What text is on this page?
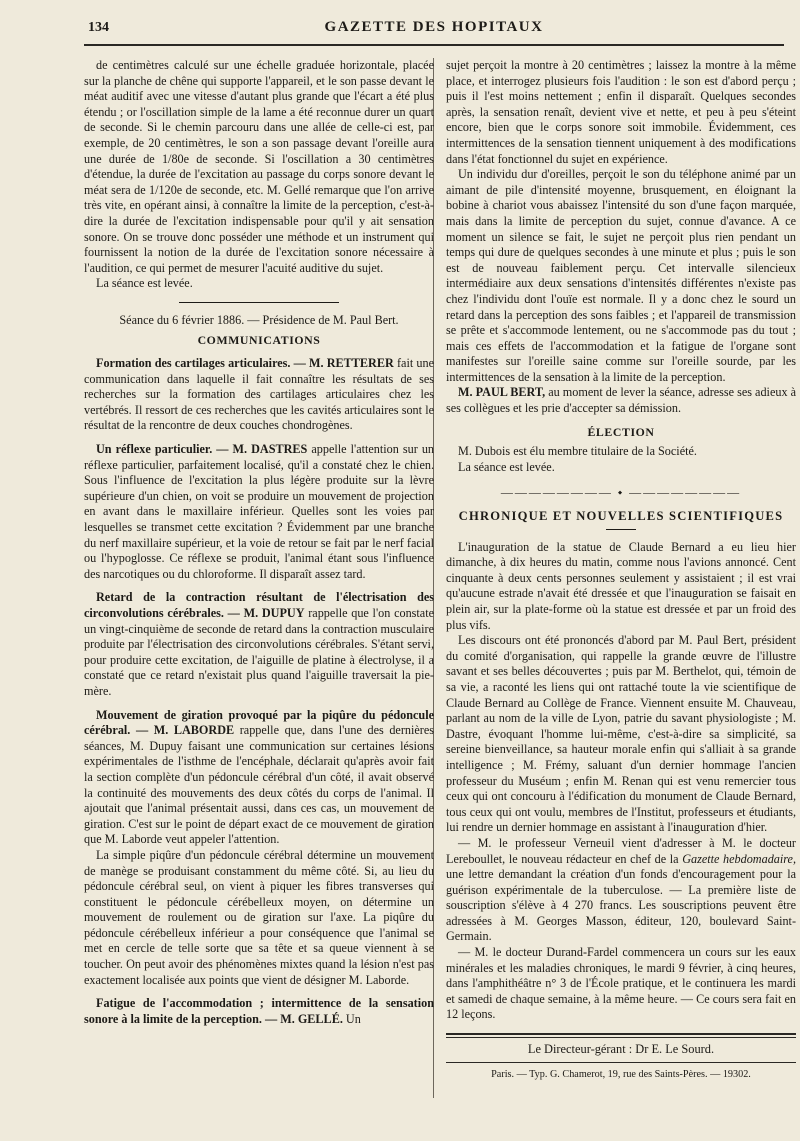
134	GAZETTE DES HOPITAUX

de centimètres calculé sur une échelle graduée horizontale, placée sur la planche de chêne qui supporte l'appareil, et le son passe devant le méat auditif avec une vitesse d'autant plus grande que l'écart a été plus étendu ; or l'oscillation simple de la lame a été reconnue durer un quart de seconde. Si le chemin parcouru dans une allée de celle-ci est, par exemple, de 20 centimètres, le son a son passage devant l'oreille aura une durée de 1/80e de seconde. Si l'oscillation a 30 centimètres d'étendue, la durée de l'excitation au passage du corps sonore devant le méat sera de 1/120e de seconde, etc. M. Gellé remarque que l'on arrive très vite, en opérant ainsi, à connaître la limite de la perception, c'est-à-dire la durée de l'excitation indispensable pour qu'il y ait sensation sonore. On se trouve donc posséder une méthode et un instrument qui fournissent la notion de la durée de l'excitation sonore nécessaire à l'audition, ce qui permet de mesurer l'acuité auditive du sujet.

La séance est levée.

Séance du 6 février 1886. — Présidence de M. Paul Bert.

COMMUNICATIONS

Formation des cartilages articulaires. — M. RETTERER fait une communication dans laquelle il fait connaître les résultats de ses recherches sur la formation des cartilages articulaires chez les vertébrés. Il ressort de ces recherches que les cavités articulaires sont le résultat de la rencontre de deux couches chondrogènes.

Un réflexe particulier. — M. DASTRES appelle l'attention sur un réflexe particulier, parfaitement localisé, qu'il a constaté chez le chien. Sous l'influence de l'excitation la plus légère produite sur la lèvre supérieure d'un chien, on voit se produire un mouvement de projection en avant dans le maxillaire inférieur. Quelles sont les voies par lesquelles se transmet cette excitation ? Évidemment par une branche du nerf maxillaire supérieur, et la voie de retour se fait par le nerf facial ou l'hypoglosse. Ce réflexe se produit, l'animal étant sous l'influence des narcotiques ou du chloroforme. Il disparaît assez tard.

Retard de la contraction résultant de l'électrisation des circonvolutions cérébrales. — M. DUPUY rappelle que l'on constate un vingt-cinquième de seconde de retard dans la contraction musculaire produite par l'électrisation des circonvolutions cérébrales. S'étant servi, pour produire cette excitation, de l'aiguille de platine à électrolyse, il a constaté que ce retard n'existait plus quand l'aiguille traversait la pie-mère.

Mouvement de giration provoqué par la piqûre du pédoncule cérébral. — M. LABORDE rappelle que, dans l'une des dernières séances, M. Dupuy faisant une communication sur certaines lésions expérimentales de l'isthme de l'encéphale, déclarait qu'après avoir fait la section complète d'un pédoncule cérébral d'un côté, il avait observé la continuité des mouvements des deux côtés du corps de l'animal. Il ajoutait que l'animal présentait aussi, dans ces cas, un mouvement de giration. C'est sur le point de départ exact de ce mouvement de giration que M. Laborde veut appeler l'attention.

La simple piqûre d'un pédoncule cérébral détermine un mouvement de manège se produisant constamment du même côté. Si, au lieu du pédoncule cérébral seul, on vient à piquer les fibres transverses qui constituent le pédoncule cérébelleux moyen, on détermine un mouvement de roulement ou de giration sur l'axe. La piqûre du pédoncule cérébelleux inférieur a pour conséquence que l'animal se met en cercle de telle sorte que sa tête et sa queue viennent à se toucher. On peut avoir des phénomènes mixtes quand la lésion n'est pas exactement localisée aux points que vient de désigner M. Laborde.

Fatigue de l'accommodation ; intermittence de la sensation sonore à la limite de la perception. — M. GELLÉ. Un

sujet perçoit la montre à 20 centimètres ; laissez la montre à la même place, et interrogez plusieurs fois l'audition : le son est d'abord perçu ; puis il l'est moins nettement ; enfin il disparaît. Quelques secondes après, la sensation renaît, devient vive et nette, et peu à peu s'éteint encore, bien que le corps sonore soit immobile. Évidemment, ces intermittences de la sensation tiennent uniquement à des modifications dans l'état fonctionnel du sujet en expérience.

Un individu dur d'oreilles, perçoit le son du téléphone animé par un aimant de pile d'intensité moyenne, brusquement, en éloignant la bobine à chariot vous abaissez l'intensité du son d'une façon marquée, mais dans la limite de perception du sujet, connue d'avance. A ce moment un silence se fait, le sujet ne perçoit plus rien pendant un temps qui dure de quelques secondes à une minute et plus ; puis le son est de nouveau faiblement perçu. Cet intervalle silencieux intermédiaire aux deux sensations d'intensités différentes n'existe pas chez l'individu dont l'ouïe est normale. Il y a donc chez le sourd un retard dans la perception des sons faibles ; et l'appareil de transmission se prête et s'accommode lentement, ou ne s'accommode pas du tout ; mais ces effets de l'accommodation et la fatigue de l'organe sont manifestes sur l'oreille saine comme sur l'oreille sourde, par les intermittences de la sensation à la limite de la perception.

M. PAUL BERT, au moment de lever la séance, adresse ses adieux à ses collègues et les prie d'accepter sa démission.

ÉLECTION

M. Dubois est élu membre titulaire de la Société.

La séance est levée.

———————— ⬩ ————————
CHRONIQUE ET NOUVELLES SCIENTIFIQUES

L'inauguration de la statue de Claude Bernard a eu lieu hier dimanche, à dix heures du matin, comme nous l'avions annoncé. Cent cinquante à deux cents personnes seulement y assistaient ; il est vrai qu'aucune estrade n'avait été dressée et que l'inauguration se faisait en plein air, sur la plate-forme où la statue est dressée et par un froid des plus vifs.

Les discours ont été prononcés d'abord par M. Paul Bert, président du comité d'organisation, qui rappelle la grande œuvre de l'illustre savant et ses belles découvertes ; puis par M. Berthelot, qui, témoin de sa vie, a raconté les liens qui ont rattaché toute la vie scientifique de Claude Bernard au Collège de France. Viennent ensuite M. Chauveau, parlant au nom de la ville de Lyon, patrie du savant physiologiste ; M. Dastre, évoquant l'homme lui-même, c'est-à-dire sa simplicité, sa sereine bienveillance, sa hauteur morale enfin qui s'alliait à sa grande intelligence ; M. Frémy, saluant d'un dernier hommage l'ancien professeur du Muséum ; enfin M. Renan qui est venu remercier tous ceux qui ont concouru à l'édification du monument de Claude Bernard, tous ceux qui ont voulu, membres de l'Institut, professeurs et étudiants, lui rendre un dernier hommage en assistant à l'inauguration d'hier.

— M. le professeur Verneuil vient d'adresser à M. le docteur Lereboullet, le nouveau rédacteur en chef de la Gazette hebdomadaire, une lettre demandant la création d'un fonds d'encouragement pour la guérison expérimentale de la tuberculose. — La première liste de souscription s'élève à 4 270 francs. Les souscriptions peuvent être adressées à M. Georges Masson, éditeur, 120, boulevard Saint-Germain.

— M. le docteur Durand-Fardel commencera un cours sur les eaux minérales et les maladies chroniques, le mardi 9 février, à cinq heures, dans l'amphithéâtre n° 3 de l'École pratique, et le continuera les mardi et samedi de chaque semaine, à la même heure. — Ce cours sera fait en 12 leçons.

Le Directeur-gérant : Dr E. Le Sourd.
Paris. — Typ. G. Chamerot, 19, rue des Saints-Pères. — 19302.
